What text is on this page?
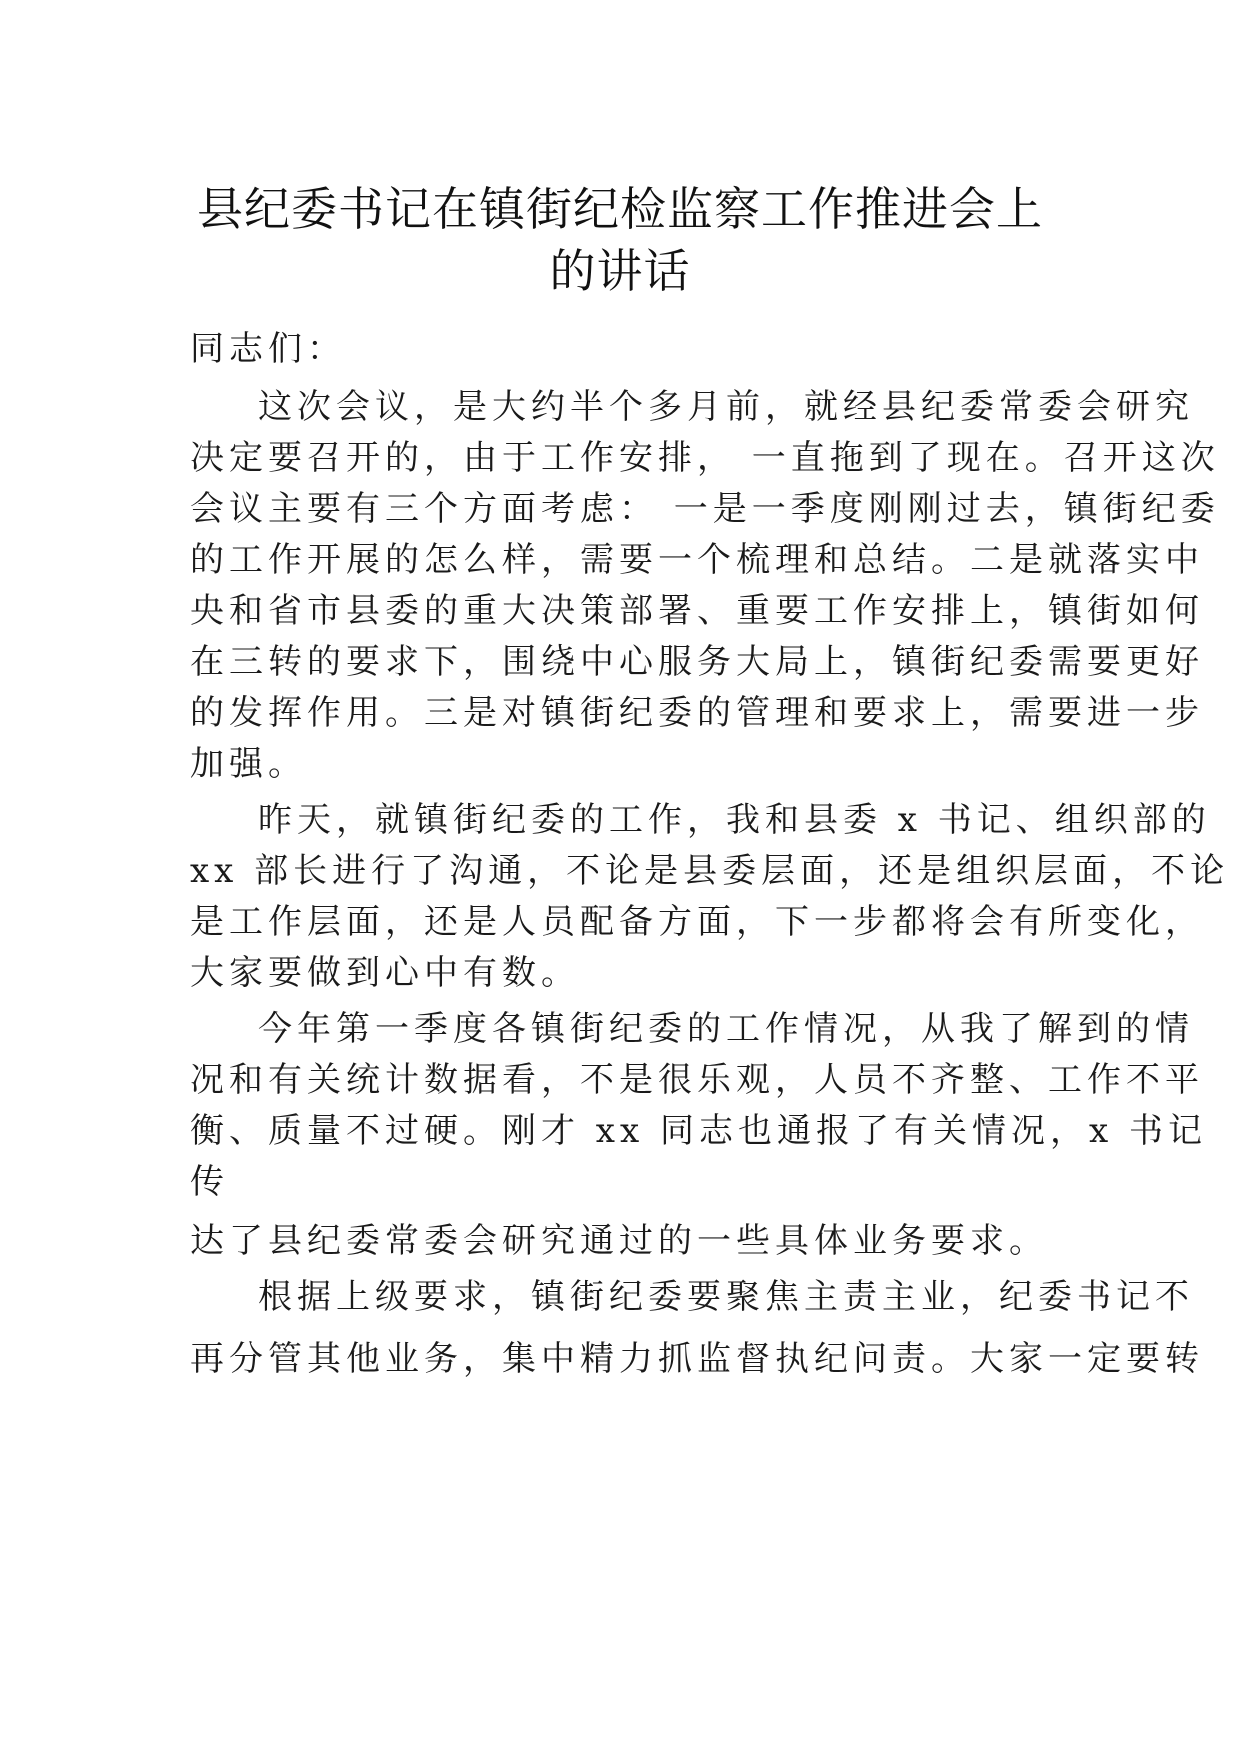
县纪委书记在镇街纪检监察工作推进会上
的讲话

同志们：

这次会议，是大约半个多月前，就经县纪委常委会研究

决定要召开的，由于工作安排， 一直拖到了现在。召开这次

会议主要有三个方面考虑： 一是一季度刚刚过去，镇街纪委

的工作开展的怎么样，需要一个梳理和总结。二是就落实中

央和省市县委的重大决策部署、重要工作安排上，镇街如何

在三转的要求下，围绕中心服务大局上，镇街纪委需要更好

的发挥作用。三是对镇街纪委的管理和要求上，需要进一步

加强。

昨天，就镇街纪委的工作，我和县委 x 书记、组织部的

xx 部长进行了沟通，不论是县委层面，还是组织层面，不论

是工作层面，还是人员配备方面，下一步都将会有所变化，

大家要做到心中有数。

今年第一季度各镇街纪委的工作情况，从我了解到的情

况和有关统计数据看，不是很乐观，人员不齐整、工作不平

衡、质量不过硬。刚才 xx 同志也通报了有关情况，x 书记

传

达了县纪委常委会研究通过的一些具体业务要求。

根据上级要求，镇街纪委要聚焦主责主业，纪委书记不

再分管其他业务，集中精力抓监督执纪问责。大家一定要转
